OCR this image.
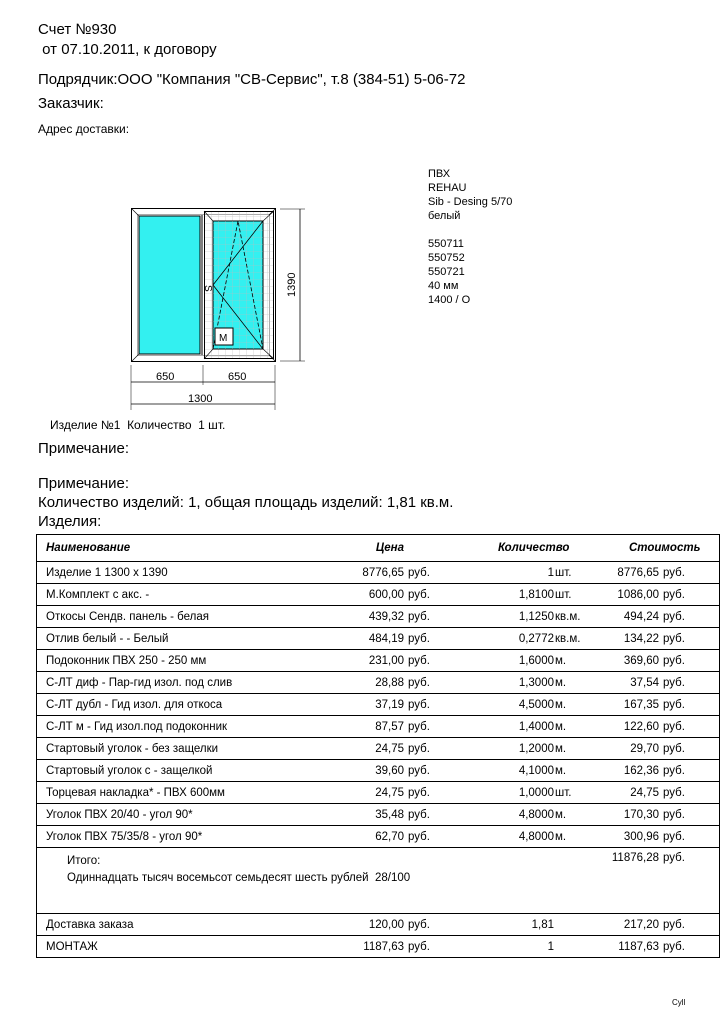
Счет №930
от 07.10.2011, к договору
Подрядчик:ООО "Компания "СВ-Сервис", т.8 (384-51) 5-06-72
Заказчик:
Адрес доставки:
ПВХ
REHAU
Sib - Desing 5/70
белый
550711
550752
550721
40 мм
1400 / О
S
М
1390
650	650
1300
Изделие №1  Количество  1 шт.
Примечание:
Примечание:
Количество изделий: 1, общая площадь изделий: 1,81 кв.м.
Изделия:
Наименование	Цена		Количество		Стоимость	
Изделие 1 1300 х 1390	8776,65	руб.	1	шт.	8776,65	руб.
М.Комплект с акс. -	600,00	руб.	1,8100	шт.	1086,00	руб.
Откосы Сендв. панель - белая	439,32	руб.	1,1250	кв.м.	494,24	руб.
Отлив белый - - Белый	484,19	руб.	0,2772	кв.м.	134,22	руб.
Подоконник ПВХ 250 - 250 мм	231,00	руб.	1,6000	м.	369,60	руб.
С-ЛТ диф - Пар-гид изол. под слив	28,88	руб.	1,3000	м.	37,54	руб.
С-ЛТ дубл - Гид изол. для откоса	37,19	руб.	4,5000	м.	167,35	руб.
С-ЛТ м - Гид изол.под подоконник	87,57	руб.	1,4000	м.	122,60	руб.
Стартовый уголок - без защелки	24,75	руб.	1,2000	м.	29,70	руб.
Стартовый уголок с - защелкой	39,60	руб.	4,1000	м.	162,36	руб.
Торцевая накладка* - ПВХ 600мм	24,75	руб.	1,0000	шт.	24,75	руб.
Уголок ПВХ 20/40 - угол 90*	35,48	руб.	4,8000	м.	170,30	руб.
Уголок ПВХ 75/35/8 - угол 90*	62,70	руб.	4,8000	м.	300,96	руб.

Итого:
Одиннадцать тысяч восемьсот семьдесят шесть рублей  28/100					11876,28	руб.
Доставка заказа	120,00	руб.	1,81		217,20	руб.
МОНТАЖ	1187,63	руб.	1		1187,63	руб.
Cyll
